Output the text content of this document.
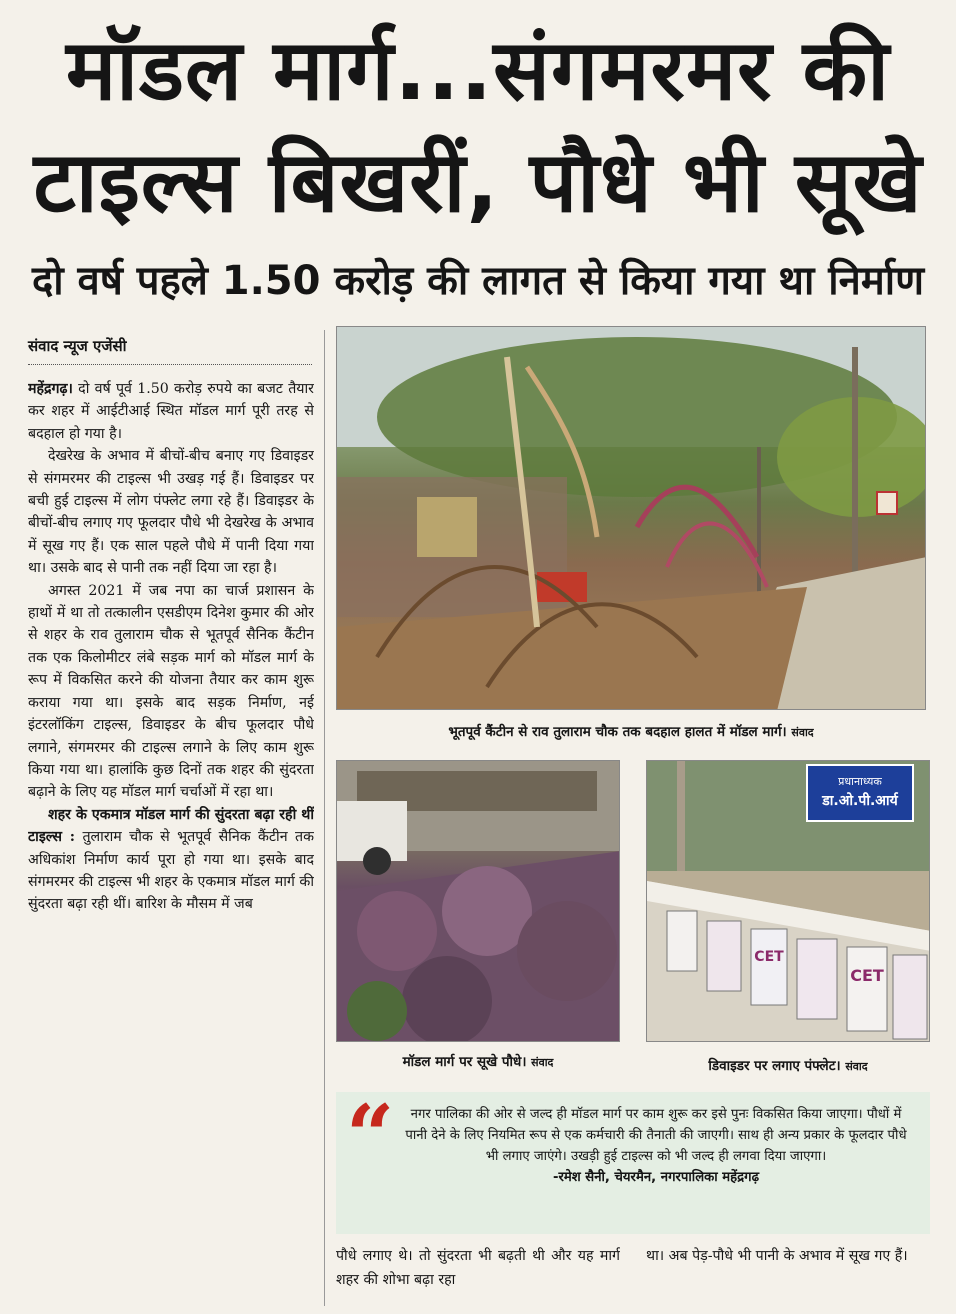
मॉडल मार्ग...संगमरमर की
टाइल्स बिखरीं, पौधे भी सूखे
दो वर्ष पहले 1.50 करोड़ की लागत से किया गया था निर्माण
संवाद न्यूज एजेंसी

महेंद्रगढ़। दो वर्ष पूर्व 1.50 करोड़ रुपये का बजट तैयार कर शहर में आईटीआई स्थित मॉडल मार्ग पूरी तरह से बदहाल हो गया है।

देखरेख के अभाव में बीचों-बीच बनाए गए डिवाइडर से संगमरमर की टाइल्स भी उखड़ गई हैं। डिवाइडर पर बची हुई टाइल्स में लोग पंफ्लेट लगा रहे हैं। डिवाइडर के बीचों-बीच लगाए गए फूलदार पौधे भी देखरेख के अभाव में सूख गए हैं। एक साल पहले पौधे में पानी दिया गया था। उसके बाद से पानी तक नहीं दिया जा रहा है।

अगस्त 2021 में जब नपा का चार्ज प्रशासन के हाथों में था तो तत्कालीन एसडीएम दिनेश कुमार की ओर से शहर के राव तुलाराम चौक से भूतपूर्व सैनिक कैंटीन तक एक किलोमीटर लंबे सड़क मार्ग को मॉडल मार्ग के रूप में विकसित करने की योजना तैयार कर काम शुरू कराया गया था। इसके बाद सड़क निर्माण, नई इंटरलॉकिंग टाइल्स, डिवाइडर के बीच फूलदार पौधे लगाने, संगमरमर की टाइल्स लगाने के लिए काम शुरू किया गया था। हालांकि कुछ दिनों तक शहर की सुंदरता बढ़ाने के लिए यह मॉडल मार्ग चर्चाओं में रहा था।

शहर के एकमात्र मॉडल मार्ग की सुंदरता बढ़ा रही थीं टाइल्स : तुलाराम चौक से भूतपूर्व सैनिक कैंटीन तक अधिकांश निर्माण कार्य पूरा हो गया था। इसके बाद संगमरमर की टाइल्स भी शहर के एकमात्र मॉडल मार्ग की सुंदरता बढ़ा रही थीं। बारिश के मौसम में जब

भूतपूर्व कैंटीन से राव तुलाराम चौक तक बदहाल हालत में मॉडल मार्ग। संवाद
मॉडल मार्ग पर सूखे पौधे। संवाद
प्रधानाध्यक
डा.ओ.पी.आर्य
CET
CET
डिवाइडर पर लगाए पंफ्लेट। संवाद
“	नगर पालिका की ओर से जल्द ही मॉडल मार्ग पर काम शुरू कर इसे पुनः विकसित किया जाएगा। पौधों में पानी देने के लिए नियमित रूप से एक कर्मचारी की तैनाती की जाएगी। साथ ही अन्य प्रकार के फूलदार पौधे भी लगाए जाएंगे। उखड़ी हुई टाइल्स को भी जल्द ही लगवा दिया जाएगा।
-रमेश सैनी, चेयरमैन, नगरपालिका महेंद्रगढ़
पौधे लगाए थे। तो सुंदरता भी बढ़ती थी और यह मार्ग शहर की शोभा बढ़ा रहा
था। अब पेड़-पौधे भी पानी के अभाव में सूख गए हैं।
